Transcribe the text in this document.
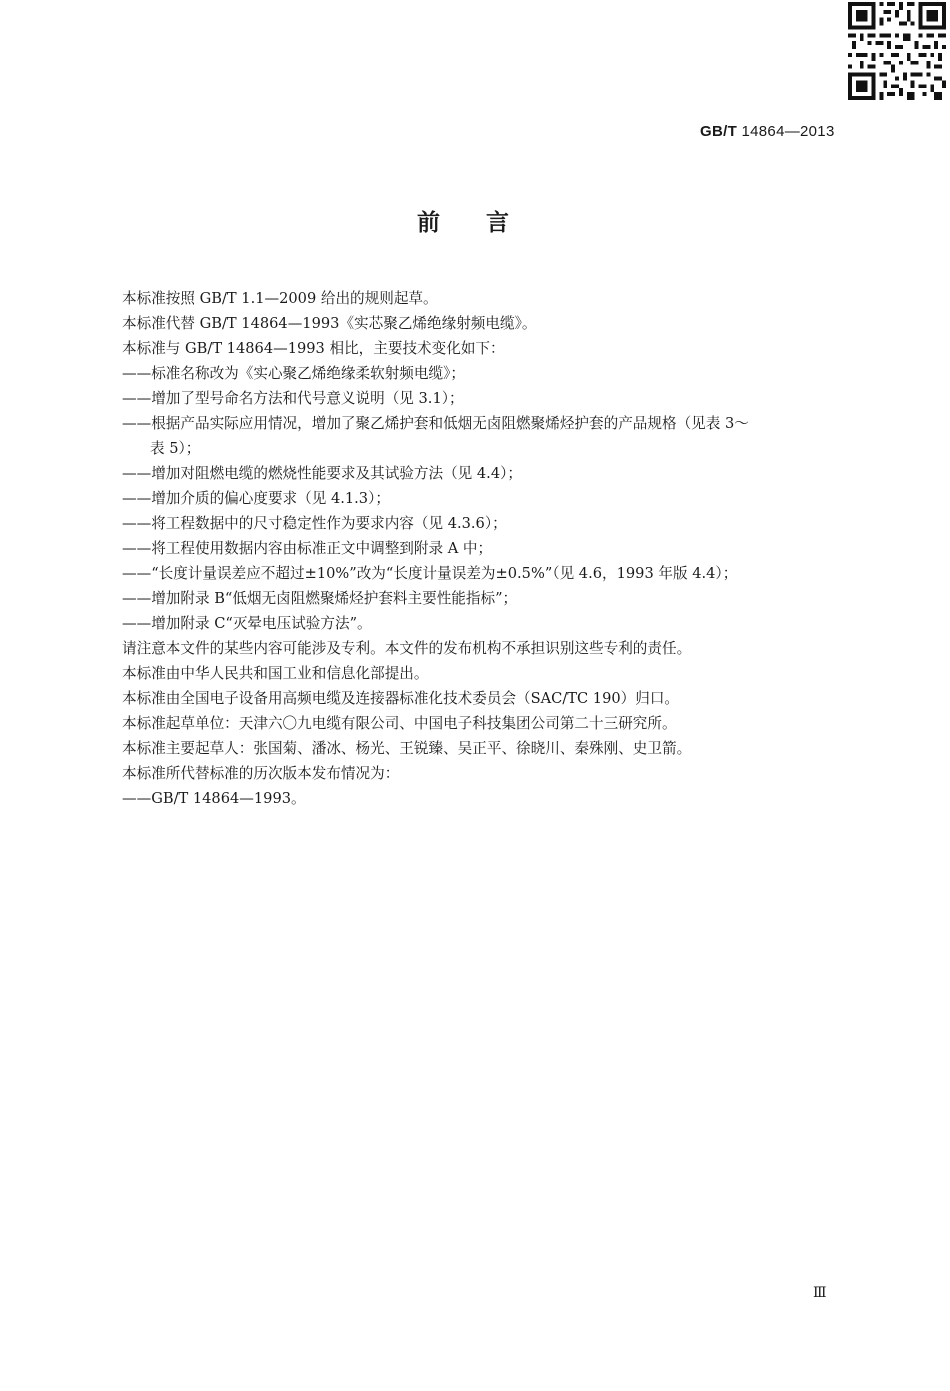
GB/T 14864—2013
前言
本标准按照 GB/T 1.1—2009 给出的规则起草。
本标准代替 GB/T 14864—1993《实芯聚乙烯绝缘射频电缆》。
本标准与 GB/T 14864—1993 相比，主要技术变化如下：
——标准名称改为《实心聚乙烯绝缘柔软射频电缆》；
——增加了型号命名方法和代号意义说明（见 3.1）；
——根据产品实际应用情况，增加了聚乙烯护套和低烟无卤阻燃聚烯烃护套的产品规格（见表 3～
表 5）；
——增加对阻燃电缆的燃烧性能要求及其试验方法（见 4.4）；
——增加介质的偏心度要求（见 4.1.3）；
——将工程数据中的尺寸稳定性作为要求内容（见 4.3.6）；
——将工程使用数据内容由标准正文中调整到附录 A 中；
——“长度计量误差应不超过±10%”改为“长度计量误差为±0.5%”（见 4.6，1993 年版 4.4）；
——增加附录 B“低烟无卤阻燃聚烯烃护套料主要性能指标”；
——增加附录 C“灭晕电压试验方法”。
请注意本文件的某些内容可能涉及专利。本文件的发布机构不承担识别这些专利的责任。
本标准由中华人民共和国工业和信息化部提出。
本标准由全国电子设备用高频电缆及连接器标准化技术委员会（SAC/TC 190）归口。
本标准起草单位：天津六〇九电缆有限公司、中国电子科技集团公司第二十三研究所。
本标准主要起草人：张国菊、潘冰、杨光、王锐臻、吴正平、徐晓川、秦殊刚、史卫箭。
本标准所代替标准的历次版本发布情况为：
——GB/T 14864—1993。
Ⅲ
